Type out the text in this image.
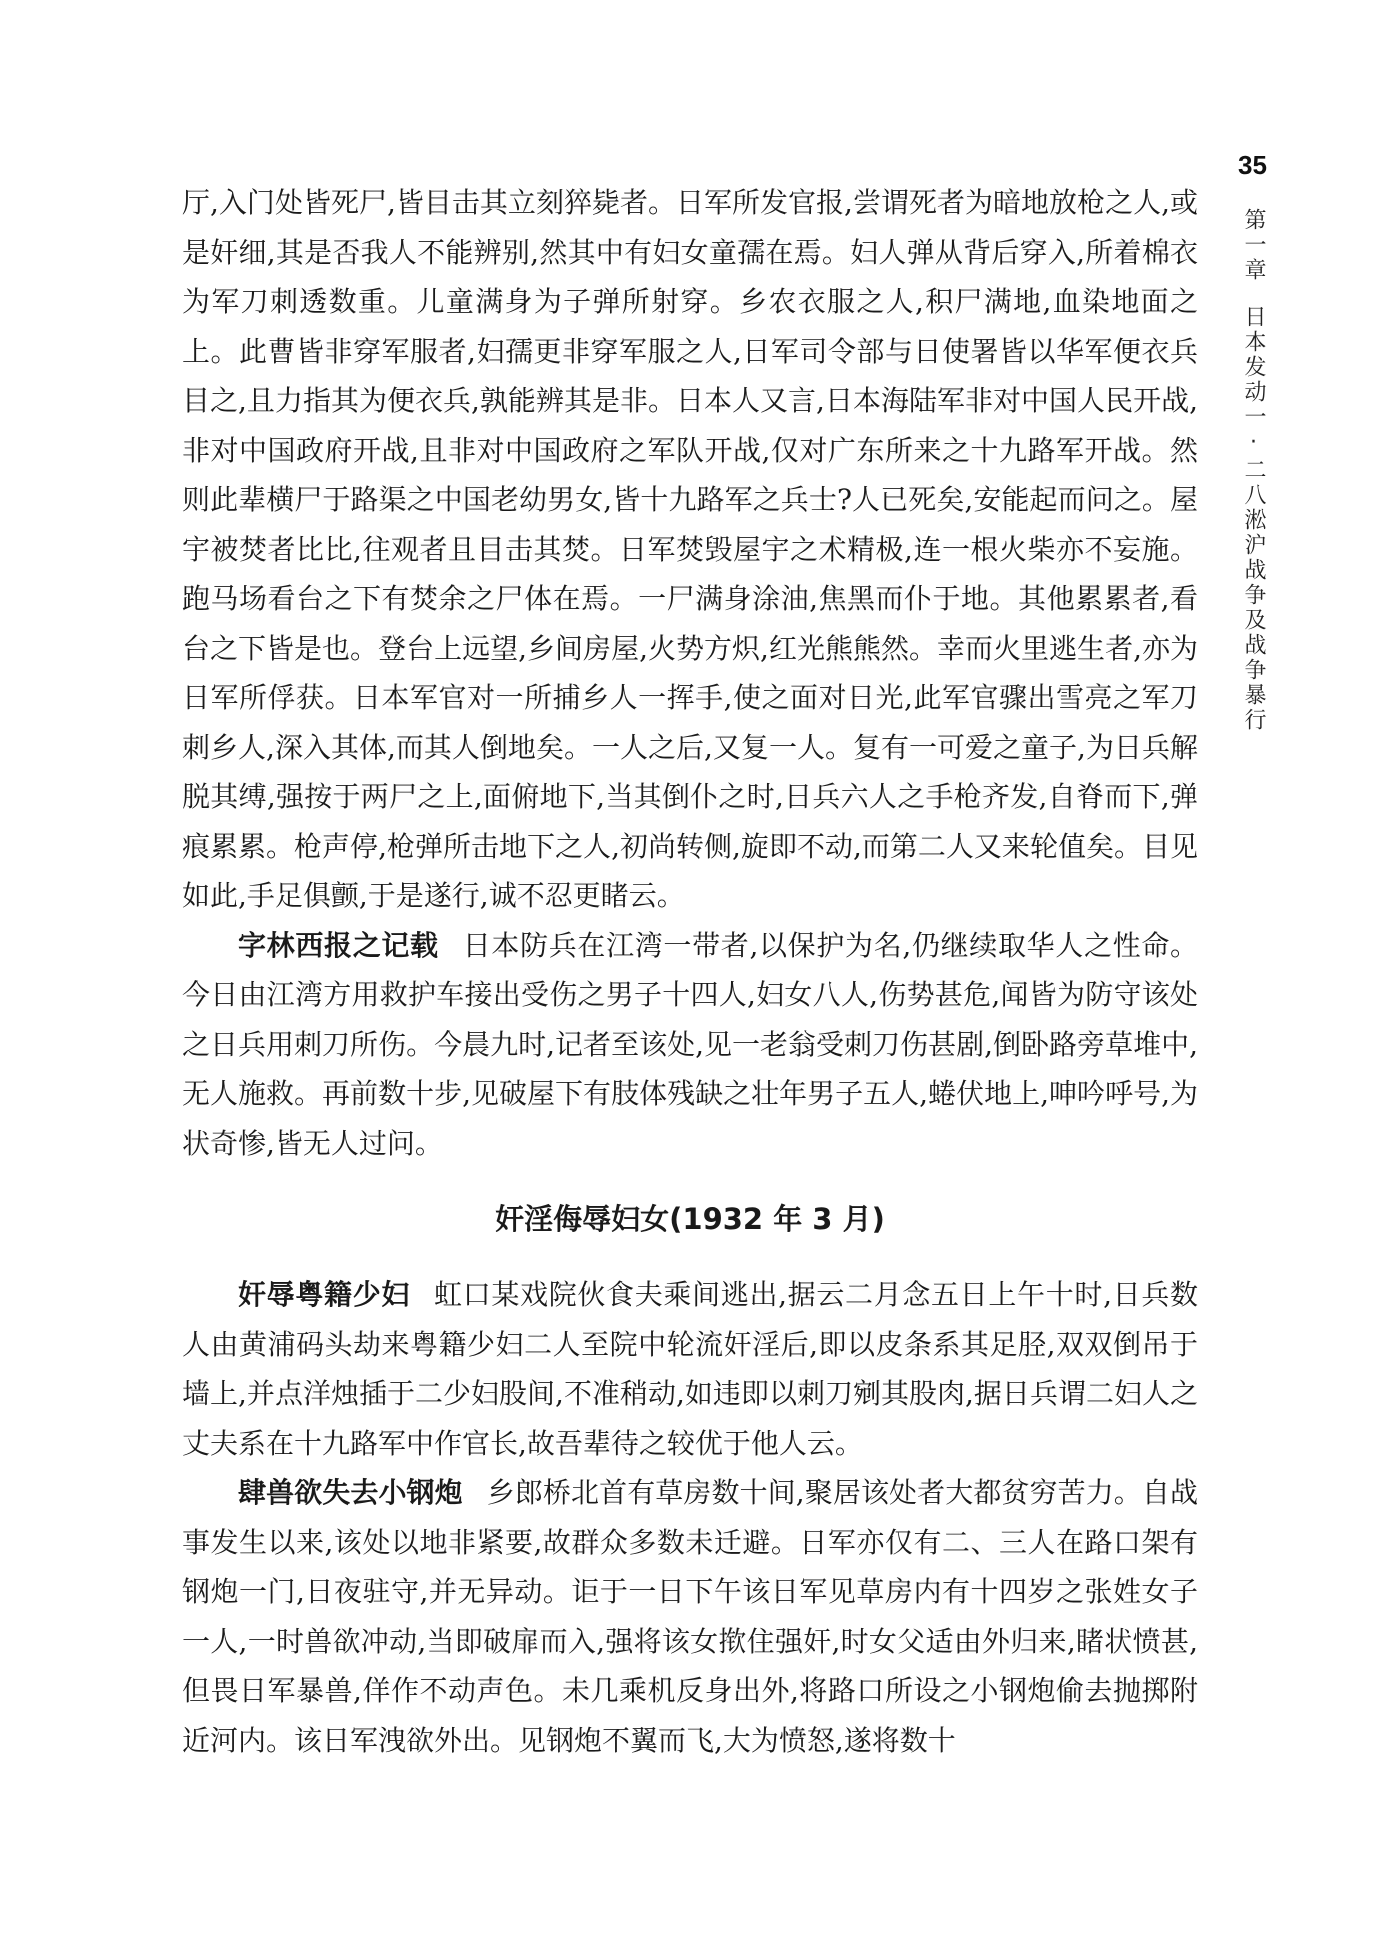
35
第一章日本发动一·二八淞沪战争及战争暴行

厅,入门处皆死尸,皆目击其立刻猝毙者。日军所发官报,尝谓死者为暗地放枪之人,或是奸细,其是否我人不能辨别,然其中有妇女童孺在焉。妇人弹从背后穿入,所着棉衣为军刀刺透数重。儿童满身为子弹所射穿。乡农衣服之人,积尸满地,血染地面之上。此曹皆非穿军服者,妇孺更非穿军服之人,日军司令部与日使署皆以华军便衣兵目之,且力指其为便衣兵,孰能辨其是非。日本人又言,日本海陆军非对中国人民开战,非对中国政府开战,且非对中国政府之军队开战,仅对广东所来之十九路军开战。然则此辈横尸于路渠之中国老幼男女,皆十九路军之兵士?人已死矣,安能起而问之。屋宇被焚者比比,往观者且目击其焚。日军焚毁屋宇之术精极,连一根火柴亦不妄施。跑马场看台之下有焚余之尸体在焉。一尸满身涂油,焦黑而仆于地。其他累累者,看台之下皆是也。登台上远望,乡间房屋,火势方炽,红光熊熊然。幸而火里逃生者,亦为日军所俘获。日本军官对一所捕乡人一挥手,使之面对日光,此军官骤出雪亮之军刀刺乡人,深入其体,而其人倒地矣。一人之后,又复一人。复有一可爱之童子,为日兵解脱其缚,强按于两尸之上,面俯地下,当其倒仆之时,日兵六人之手枪齐发,自脊而下,弹痕累累。枪声停,枪弹所击地下之人,初尚转侧,旋即不动,而第二人又来轮值矣。目见如此,手足俱颤,于是遂行,诚不忍更睹云。

字林西报之记载 日本防兵在江湾一带者,以保护为名,仍继续取华人之性命。今日由江湾方用救护车接出受伤之男子十四人,妇女八人,伤势甚危,闻皆为防守该处之日兵用刺刀所伤。今晨九时,记者至该处,见一老翁受刺刀伤甚剧,倒卧路旁草堆中,无人施救。再前数十步,见破屋下有肢体残缺之壮年男子五人,蜷伏地上,呻吟呼号,为状奇惨,皆无人过问。

奸淫侮辱妇女(1932 年 3 月)

奸辱粤籍少妇 虹口某戏院伙食夫乘间逃出,据云二月念五日上午十时,日兵数人由黄浦码头劫来粤籍少妇二人至院中轮流奸淫后,即以皮条系其足胫,双双倒吊于墙上,并点洋烛插于二少妇股间,不准稍动,如违即以刺刀剜其股肉,据日兵谓二妇人之丈夫系在十九路军中作官长,故吾辈待之较优于他人云。

肆兽欲失去小钢炮 乡郎桥北首有草房数十间,聚居该处者大都贫穷苦力。自战事发生以来,该处以地非紧要,故群众多数未迁避。日军亦仅有二、三人在路口架有钢炮一门,日夜驻守,并无异动。讵于一日下午该日军见草房内有十四岁之张姓女子一人,一时兽欲冲动,当即破扉而入,强将该女揿住强奸,时女父适由外归来,睹状愤甚,但畏日军暴兽,佯作不动声色。未几乘机反身出外,将路口所设之小钢炮偷去抛掷附近河内。该日军洩欲外出。见钢炮不翼而飞,大为愤怒,遂将数十
